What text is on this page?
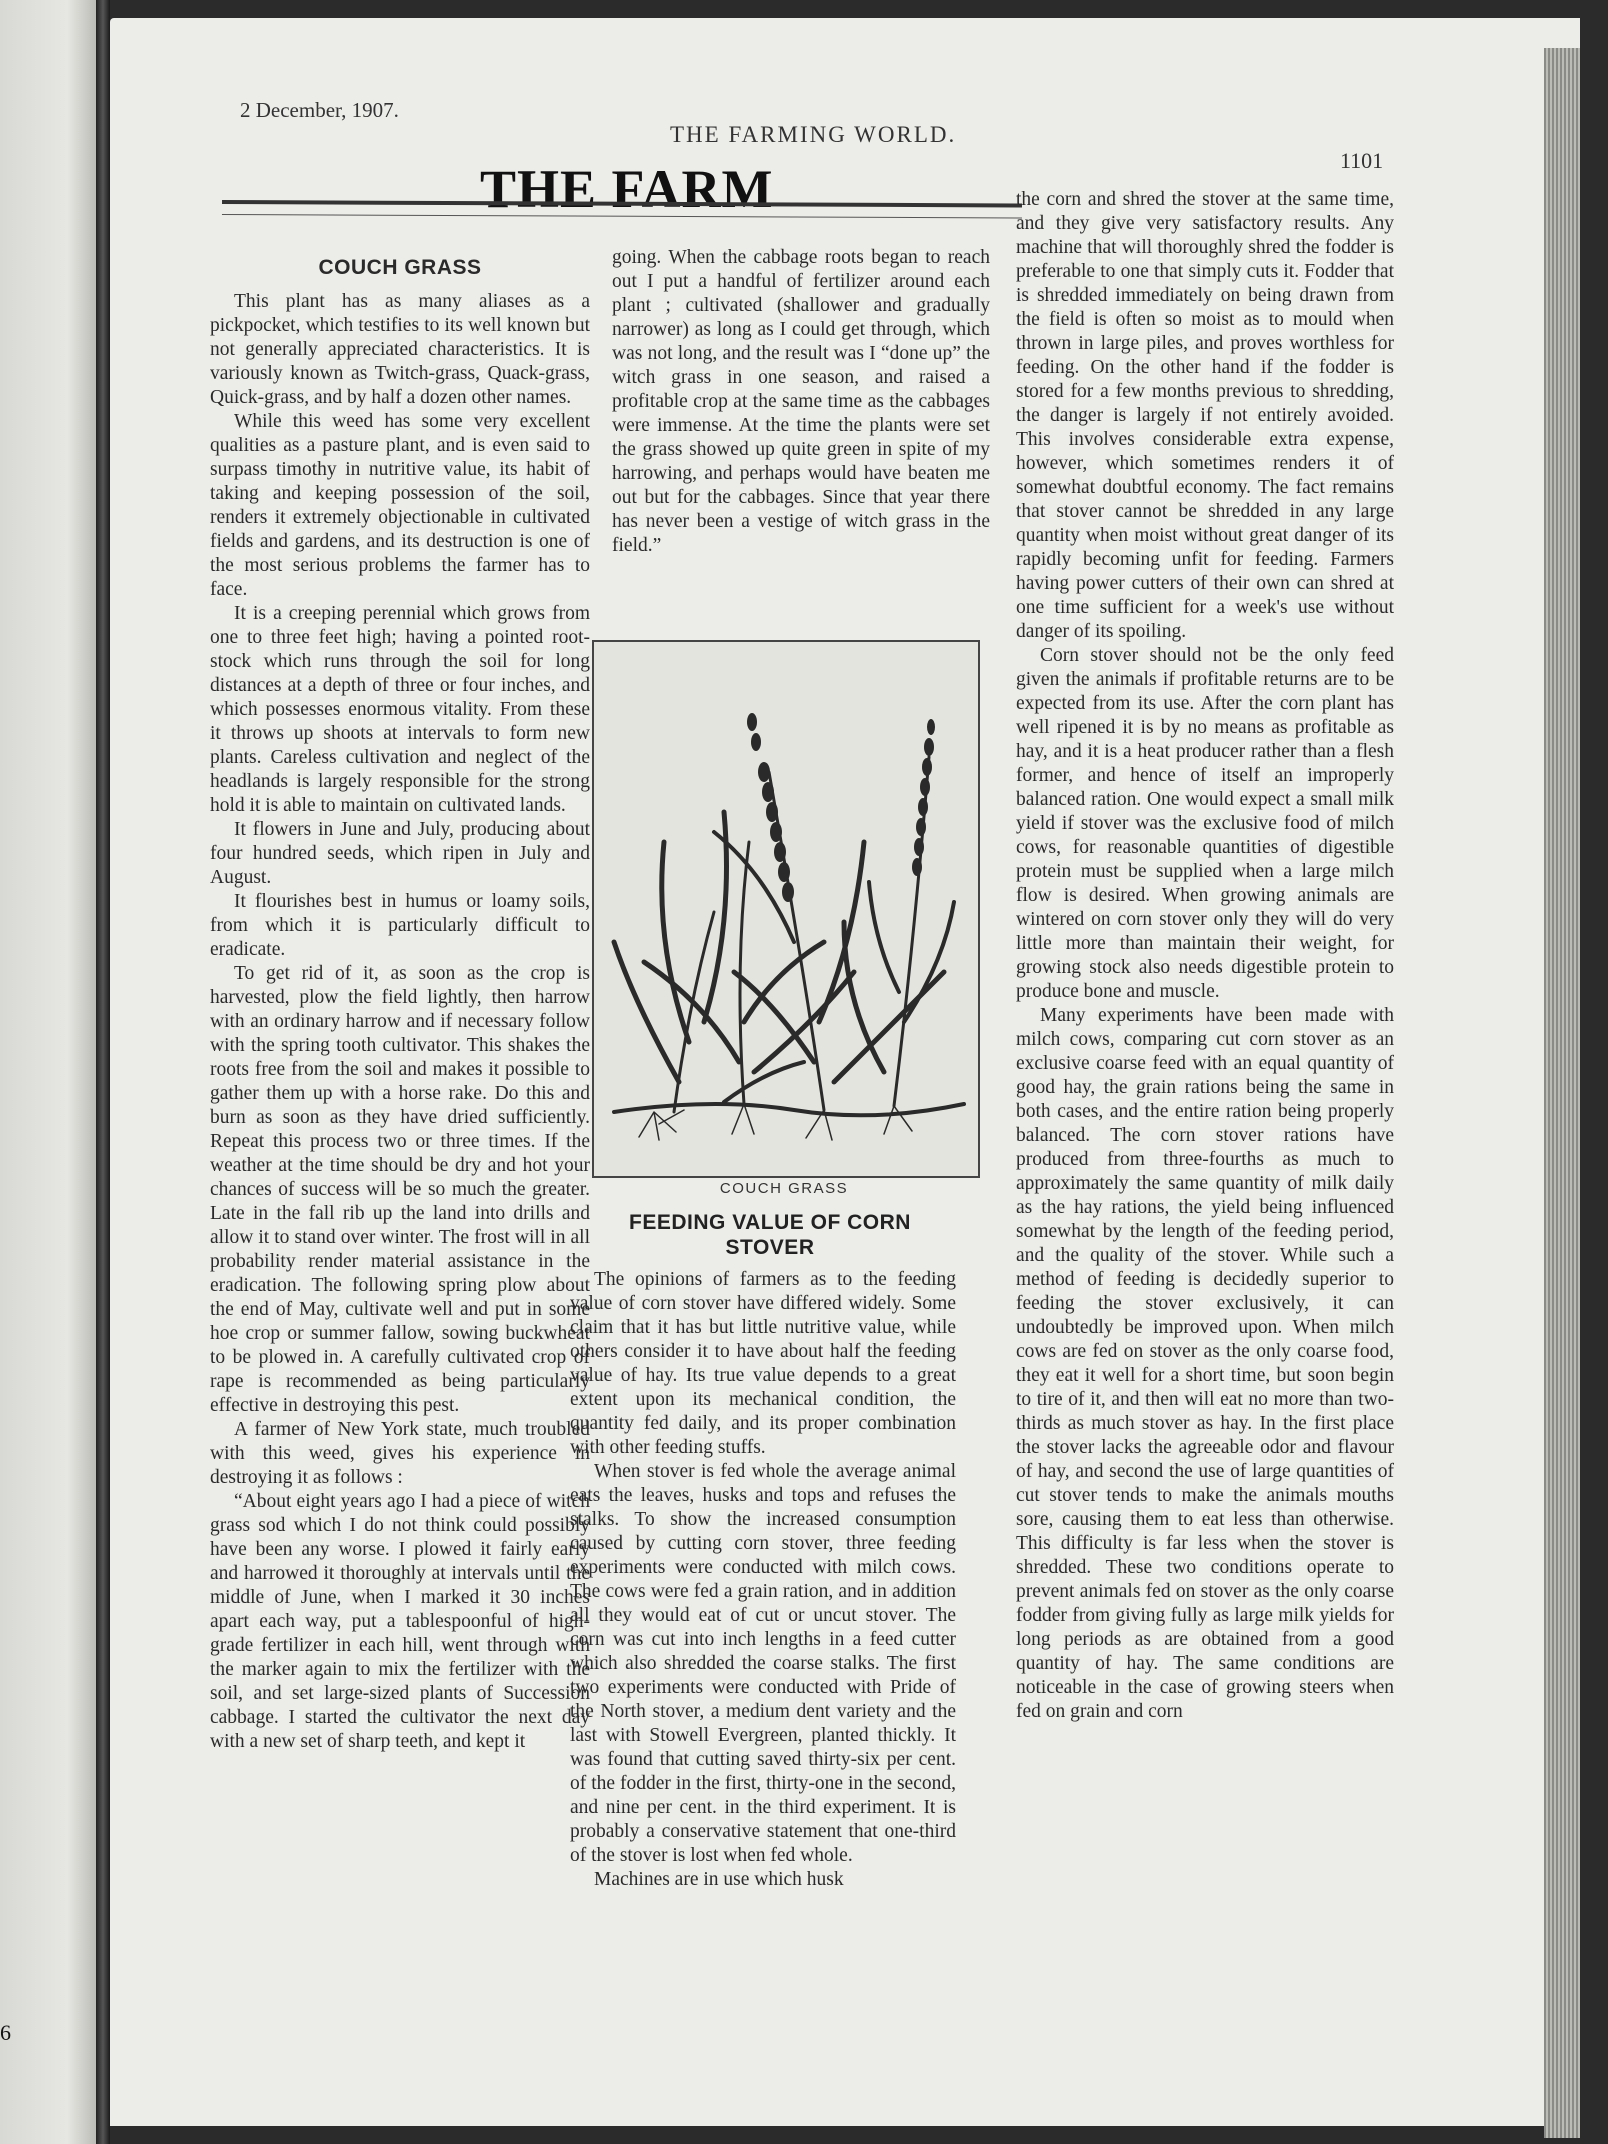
6
2 December, 1907.
THE FARMING WORLD.
1101
THE FARM
COUCH GRASS

This plant has as many aliases as a pickpocket, which testifies to its well known but not generally appreciated characteristics. It is variously known as Twitch-grass, Quack-grass, Quick-grass, and by half a dozen other names.

While this weed has some very excellent qualities as a pasture plant, and is even said to surpass timothy in nutritive value, its habit of taking and keeping possession of the soil, renders it extremely objectionable in cultivated fields and gardens, and its destruction is one of the most serious problems the farmer has to face.

It is a creeping perennial which grows from one to three feet high; having a pointed root-stock which runs through the soil for long distances at a depth of three or four inches, and which possesses enormous vitality. From these it throws up shoots at intervals to form new plants. Careless cultivation and neglect of the headlands is largely responsible for the strong hold it is able to maintain on cultivated lands.

It flowers in June and July, producing about four hundred seeds, which ripen in July and August.

It flourishes best in humus or loamy soils, from which it is particularly difficult to eradicate.

To get rid of it, as soon as the crop is harvested, plow the field lightly, then harrow with an ordinary harrow and if necessary follow with the spring tooth cultivator. This shakes the roots free from the soil and makes it possible to gather them up with a horse rake. Do this and burn as soon as they have dried sufficiently. Repeat this process two or three times. If the weather at the time should be dry and hot your chances of success will be so much the greater. Late in the fall rib up the land into drills and allow it to stand over winter. The frost will in all probability render material assistance in the eradication. The following spring plow about the end of May, cultivate well and put in some hoe crop or summer fallow, sowing buckwheat to be plowed in. A carefully cultivated crop of rape is recommended as being particularly effective in destroying this pest.

A farmer of New York state, much troubled with this weed, gives his experience in destroying it as follows :

“About eight years ago I had a piece of witch grass sod which I do not think could possibly have been any worse. I plowed it fairly early and harrowed it thoroughly at intervals until the middle of June, when I marked it 30 inches apart each way, put a tablespoonful of high-grade fertilizer in each hill, went through with the marker again to mix the fertilizer with the soil, and set large-sized plants of Succession cabbage. I started the cultivator the next day with a new set of sharp teeth, and kept it

going. When the cabbage roots began to reach out I put a handful of fertilizer around each plant ; cultivated (shallower and gradually narrower) as long as I could get through, which was not long, and the result was I “done up” the witch grass in one season, and raised a profitable crop at the same time as the cabbages were immense. At the time the plants were set the grass showed up quite green in spite of my harrowing, and perhaps would have beaten me out but for the cabbages. Since that year there has never been a vestige of witch grass in the field.”

COUCH GRASS
FEEDING VALUE OF CORN STOVER

The opinions of farmers as to the feeding value of corn stover have differed widely. Some claim that it has but little nutritive value, while others consider it to have about half the feeding value of hay. Its true value depends to a great extent upon its mechanical condition, the quantity fed daily, and its proper combination with other feeding stuffs.

When stover is fed whole the average animal eats the leaves, husks and tops and refuses the stalks. To show the increased consumption caused by cutting corn stover, three feeding experiments were conducted with milch cows. The cows were fed a grain ration, and in addition all they would eat of cut or uncut stover. The corn was cut into inch lengths in a feed cutter which also shredded the coarse stalks. The first two experiments were conducted with Pride of the North stover, a medium dent variety and the last with Stowell Evergreen, planted thickly. It was found that cutting saved thirty-six per cent. of the fodder in the first, thirty-one in the second, and nine per cent. in the third experiment. It is probably a conservative statement that one-third of the stover is lost when fed whole.

Machines are in use which husk

the corn and shred the stover at the same time, and they give very satisfactory results. Any machine that will thoroughly shred the fodder is preferable to one that simply cuts it. Fodder that is shredded immediately on being drawn from the field is often so moist as to mould when thrown in large piles, and proves worthless for feeding. On the other hand if the fodder is stored for a few months previous to shredding, the danger is largely if not entirely avoided. This involves considerable extra expense, however, which sometimes renders it of somewhat doubtful economy. The fact remains that stover cannot be shredded in any large quantity when moist without great danger of its rapidly becoming unfit for feeding. Farmers having power cutters of their own can shred at one time sufficient for a week's use without danger of its spoiling.

Corn stover should not be the only feed given the animals if profitable returns are to be expected from its use. After the corn plant has well ripened it is by no means as profitable as hay, and it is a heat producer rather than a flesh former, and hence of itself an improperly balanced ration. One would expect a small milk yield if stover was the exclusive food of milch cows, for reasonable quantities of digestible protein must be supplied when a large milch flow is desired. When growing animals are wintered on corn stover only they will do very little more than maintain their weight, for growing stock also needs digestible protein to produce bone and muscle.

Many experiments have been made with milch cows, comparing cut corn stover as an exclusive coarse feed with an equal quantity of good hay, the grain rations being the same in both cases, and the entire ration being properly balanced. The corn stover rations have produced from three-fourths as much to approximately the same quantity of milk daily as the hay rations, the yield being influenced somewhat by the length of the feeding period, and the quality of the stover. While such a method of feeding is decidedly superior to feeding the stover exclusively, it can undoubtedly be improved upon. When milch cows are fed on stover as the only coarse food, they eat it well for a short time, but soon begin to tire of it, and then will eat no more than two-thirds as much stover as hay. In the first place the stover lacks the agreeable odor and flavour of hay, and second the use of large quantities of cut stover tends to make the animals mouths sore, causing them to eat less than otherwise. This difficulty is far less when the stover is shredded. These two conditions operate to prevent animals fed on stover as the only coarse fodder from giving fully as large milk yields for long periods as are obtained from a good quantity of hay. The same conditions are noticeable in the case of growing steers when fed on grain and corn
